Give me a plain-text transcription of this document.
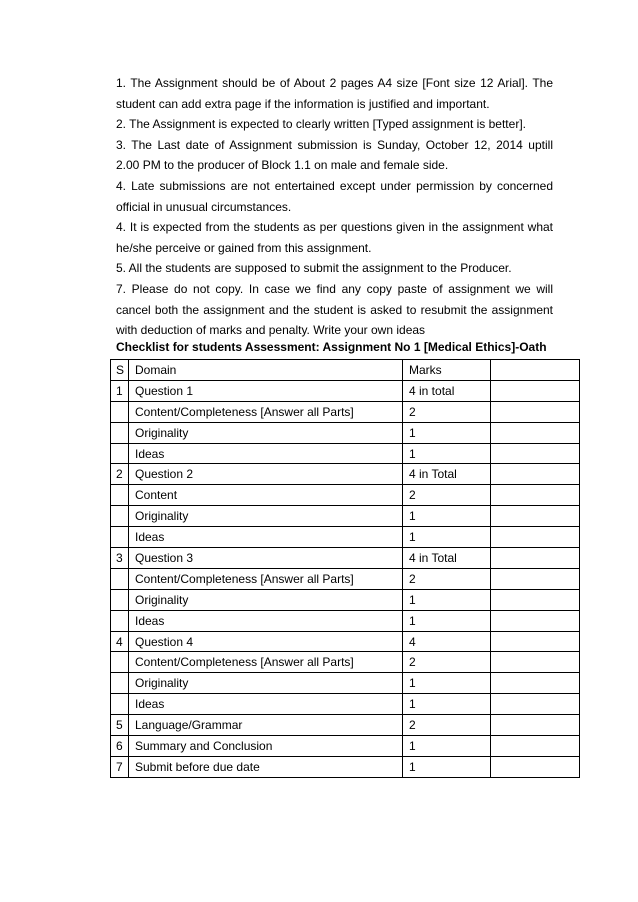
1. The Assignment should be of About 2 pages A4 size [Font size 12 Arial]. The student can add extra page if the information is justified and important.

2. The Assignment is expected to clearly written [Typed assignment is better].

3. The Last date of Assignment submission is Sunday, October 12, 2014 uptill 2.00 PM to the producer of Block 1.1 on male and female side.

4. Late submissions are not entertained except under permission by concerned official in unusual circumstances.

4. It is expected from the students as per questions given in the assignment what he/she perceive or gained from this assignment.

5. All the students are supposed to submit the assignment to the Producer.

7. Please do not copy. In case we find any copy paste of assignment we will cancel both the assignment and the student is asked to resubmit the assignment with deduction of marks and penalty. Write your own ideas

Checklist for students Assessment: Assignment No 1 [Medical Ethics]-Oath
S	Domain	Marks	
1	Question 1	4 in total	
	Content/Completeness [Answer all Parts]	2	
	Originality	1	
	Ideas	1	
2	Question 2	4 in Total	
	Content	2	
	Originality	1	
	Ideas	1	
3	Question 3	4 in Total	
	Content/Completeness [Answer all Parts]	2	
	Originality	1	
	Ideas	1	
4	Question 4	4	
	Content/Completeness [Answer all Parts]	2	
	Originality	1	
	Ideas	1	
5	Language/Grammar	2	
6	Summary and Conclusion	1	
7	Submit before due date	1	
